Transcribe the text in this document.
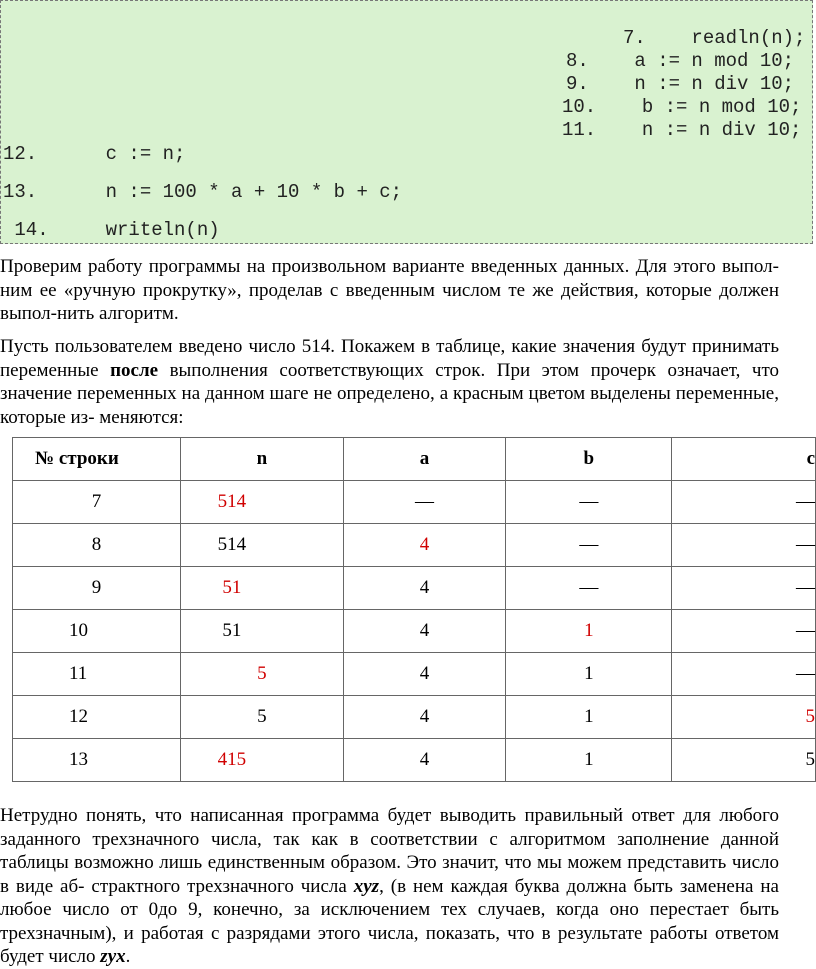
7.    readln(n);
8.    a := n mod 10;
9.    n := n div 10;
10.    b := n mod 10;
11.    n := n div 10;
12.      c := n;
13.      n := 100 * a + 10 * b + c;
14.     writeln(n)

Проверим работу программы на произвольном варианте введенных данных. Для этого выпол-ним ее «ручную прокрутку», проделав с введенным числом те же действия, которые должен выпол-нить алгоритм.

Пусть пользователем введено число 514. Покажем в таблице, какие значения будут принимать переменные после выполнения соответствующих строк. При этом прочерк означает, что значение переменных на данном шаге не определено, а красным цветом выделены переменные, которые из- меняются:

№ строки	n	a	b	c

7	514	—	—	—

8	514	4	—	—

9	51	4	—	—

10	51	4	1	—

11	5	4	1	—

12	5	4	1	5

13	415	4	1	5

Нетрудно понять, что написанная программа будет выводить правильный ответ для любого заданного трехзначного числа, так как в соответствии с алгоритмом заполнение данной таблицы возможно лишь единственным образом. Это значит, что мы можем представить число в виде аб- страктного трехзначного числа xyz, (в нем каждая буква должна быть заменена на любое число от 0до 9, конечно, за исключением тех случаев, когда оно перестает быть трехзначным), и работая с разрядами этого числа, показать, что в результате работы ответом будет число zyx.
